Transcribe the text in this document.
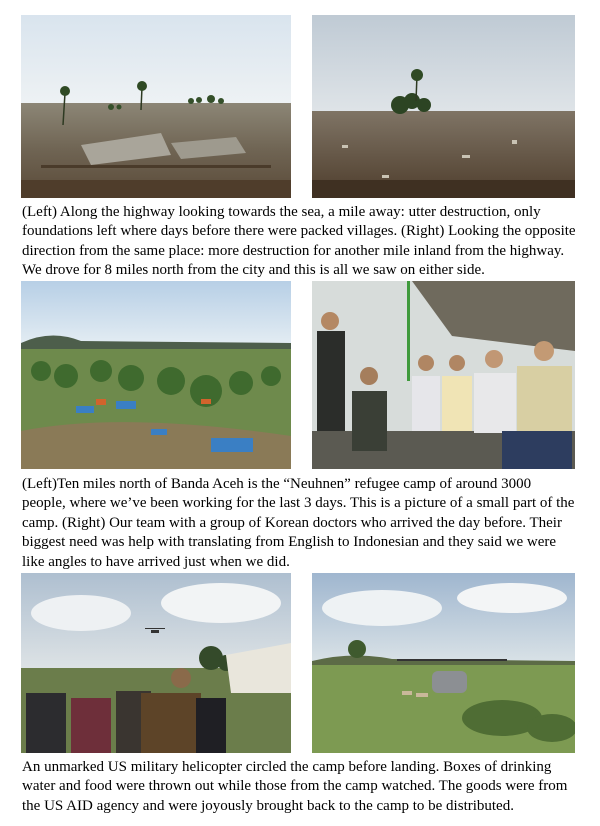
(Left) Along the highway looking towards the sea, a mile away: utter destruction, only
foundations left where days before there were packed villages. (Right) Looking the opposite
direction from the same place: more destruction for another mile inland from the highway.
We drove for 8 miles north from the city and this is all we saw on either side.

(Left)Ten miles north of Banda Aceh is the “Neuhnen” refugee camp of around 3000
people, where we’ve been working for the last 3 days. This is a picture of a small part of the
camp. (Right) Our team with a group of Korean doctors who arrived the day before. Their
biggest need was help with translating from English to Indonesian and they said we were
like angles to have arrived just when we did.

An unmarked US military helicopter circled the camp before landing. Boxes of drinking
water and food were thrown out while those from the camp watched. The goods were from
the US AID agency and were joyously brought back to the camp to be distributed.
